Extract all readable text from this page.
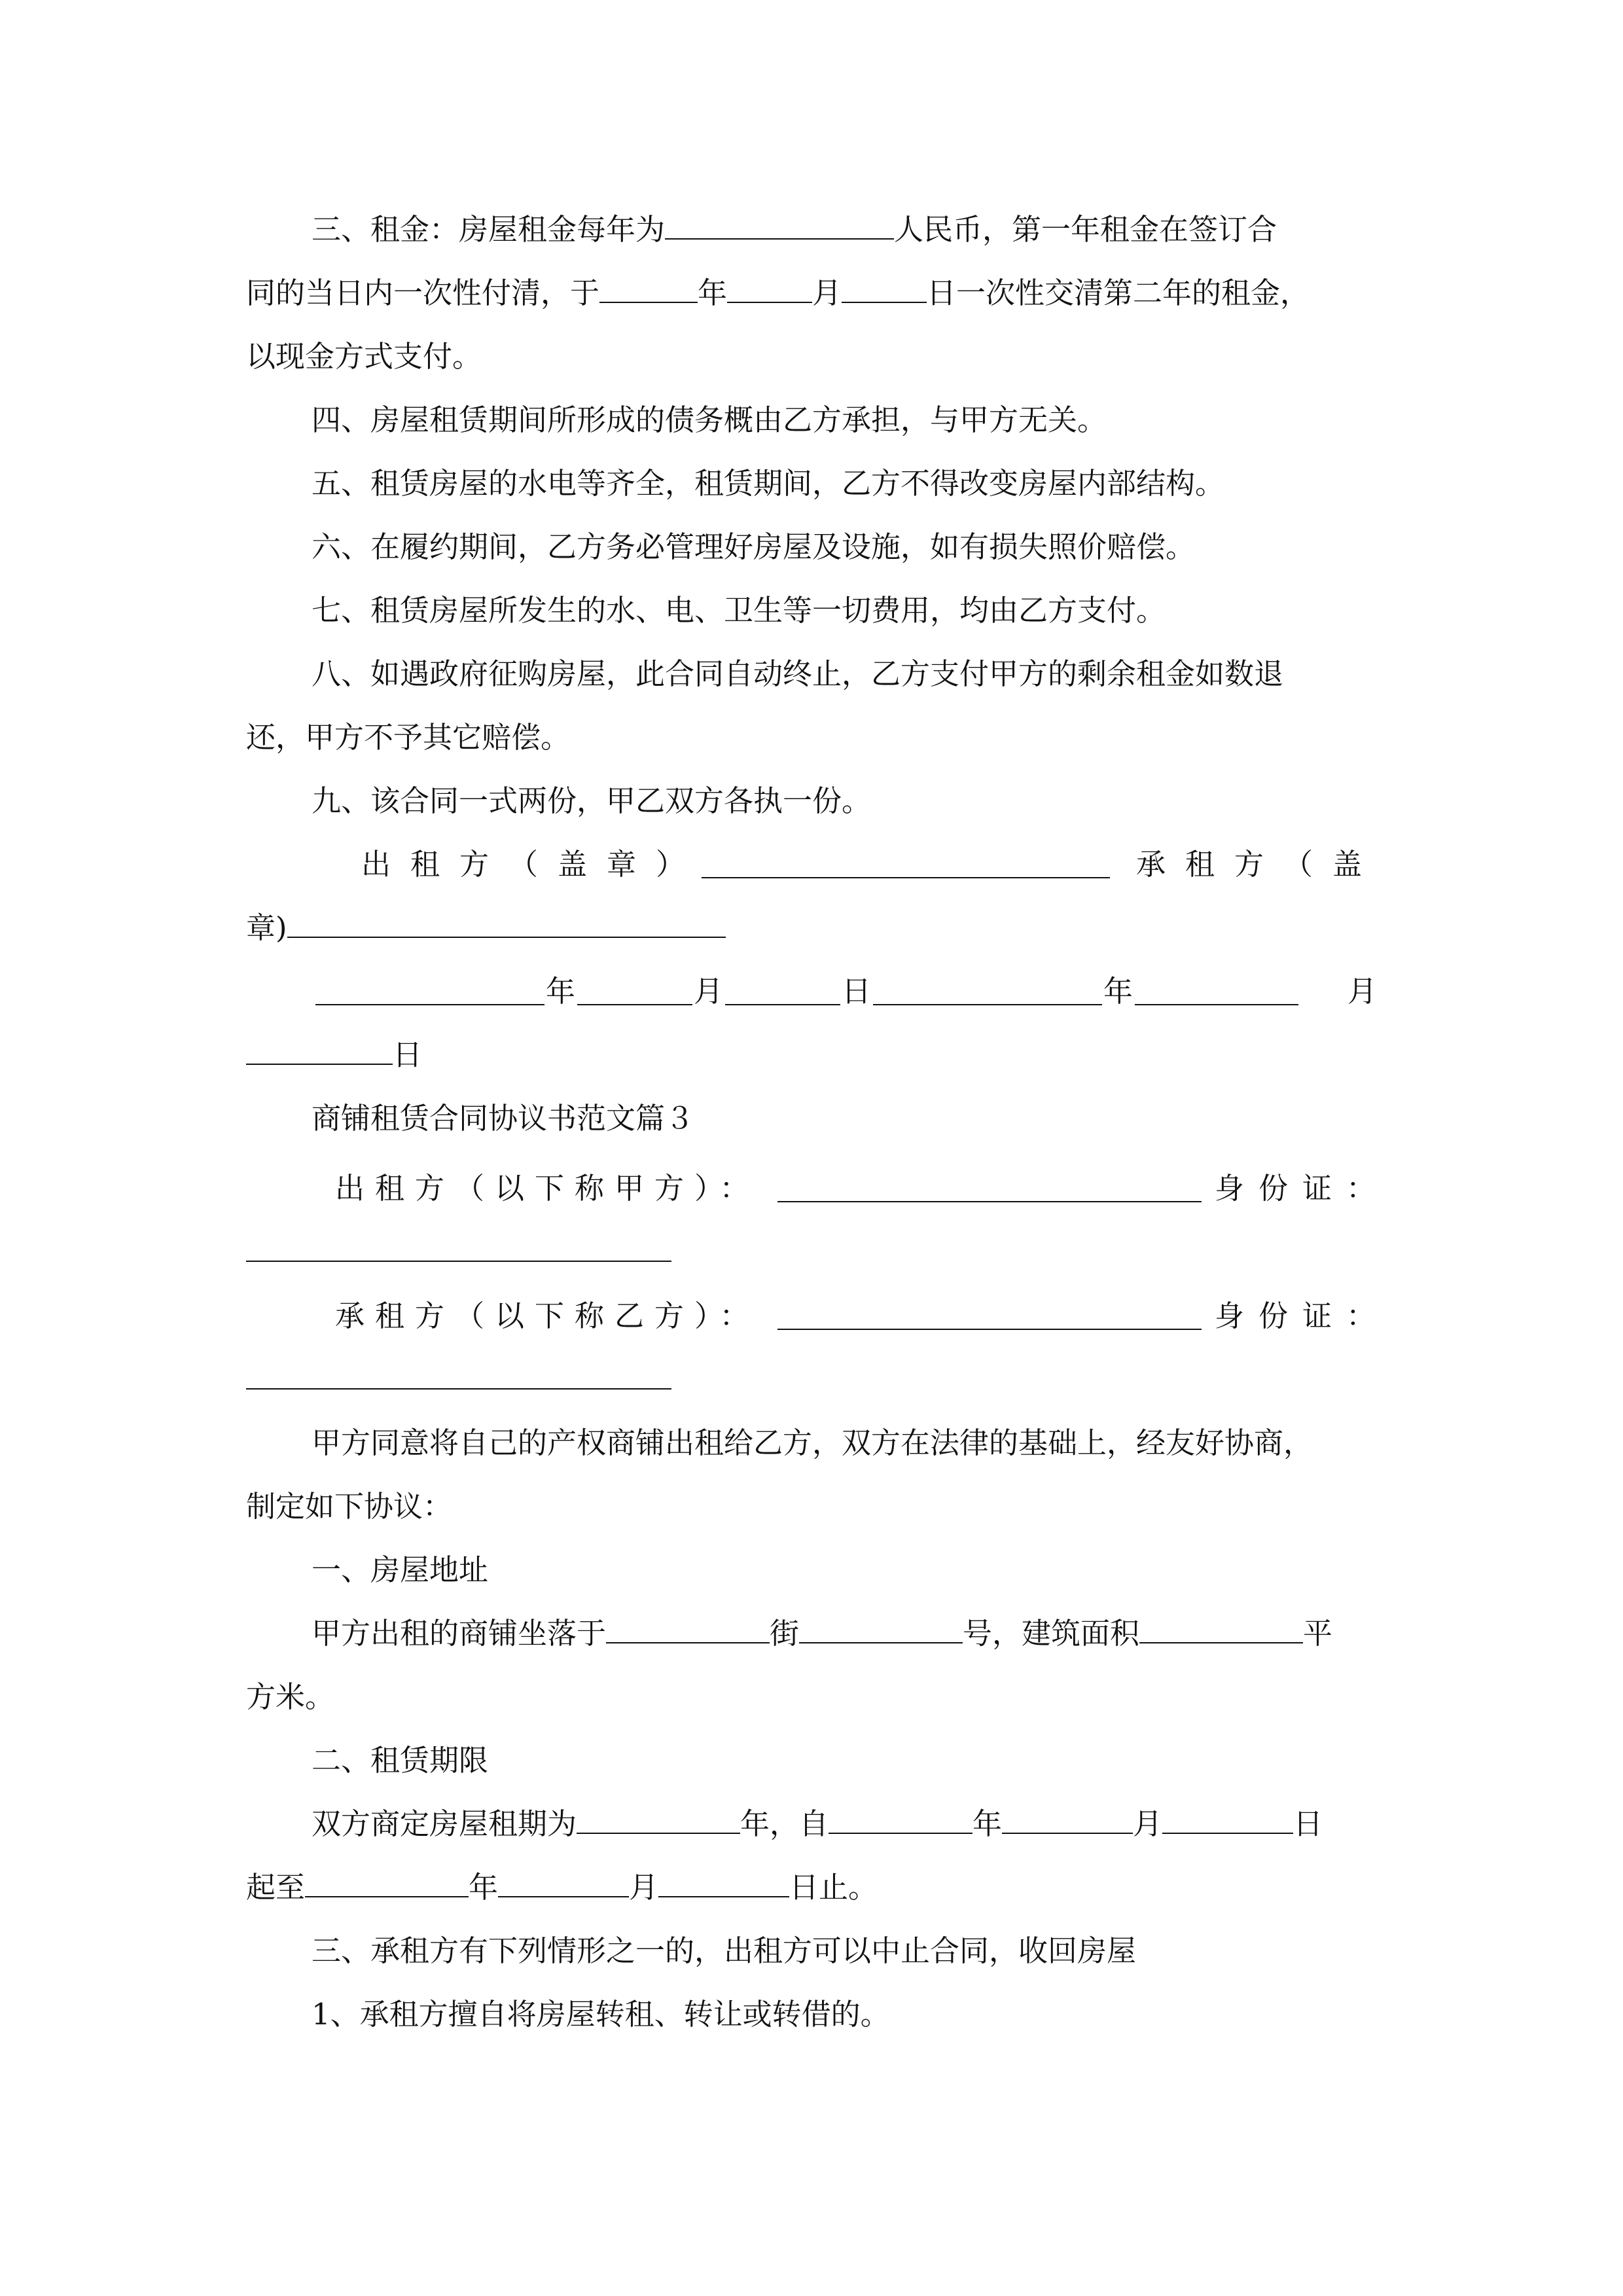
三、租金：房屋租金每年为	人民币，第一年租金在签订合
同的当日内一次性付清，于	年	月	日一次性交清第二年的租金，
以现金方式支付。
四、房屋租赁期间所形成的债务概由乙方承担，与甲方无关。
五、租赁房屋的水电等齐全，租赁期间，乙方不得改变房屋内部结构。
六、在履约期间，乙方务必管理好房屋及设施，如有损失照价赔偿。
七、租赁房屋所发生的水、电、卫生等一切费用，均由乙方支付。
八、如遇政府征购房屋，此合同自动终止，乙方支付甲方的剩余租金如数退
还，甲方不予其它赔偿。
九、该合同一式两份，甲乙双方各执一份。
出租方（盖章）	承租方（盖
章)
年	月	日	年	月
日
商铺租赁合同协议书范文篇３
出租方（以下称甲方）：	身份证：
承租方（以下称乙方）：	身份证：
甲方同意将自己的产权商铺出租给乙方，双方在法律的基础上，经友好协商，
制定如下协议：
一、房屋地址
甲方出租的商铺坐落于	街	号，建筑面积	平
方米。
二、租赁期限
双方商定房屋租期为	年，自	年	月	日
起至	年	月	日止。
三、承租方有下列情形之一的，出租方可以中止合同，收回房屋
1、承租方擅自将房屋转租、转让或转借的。
